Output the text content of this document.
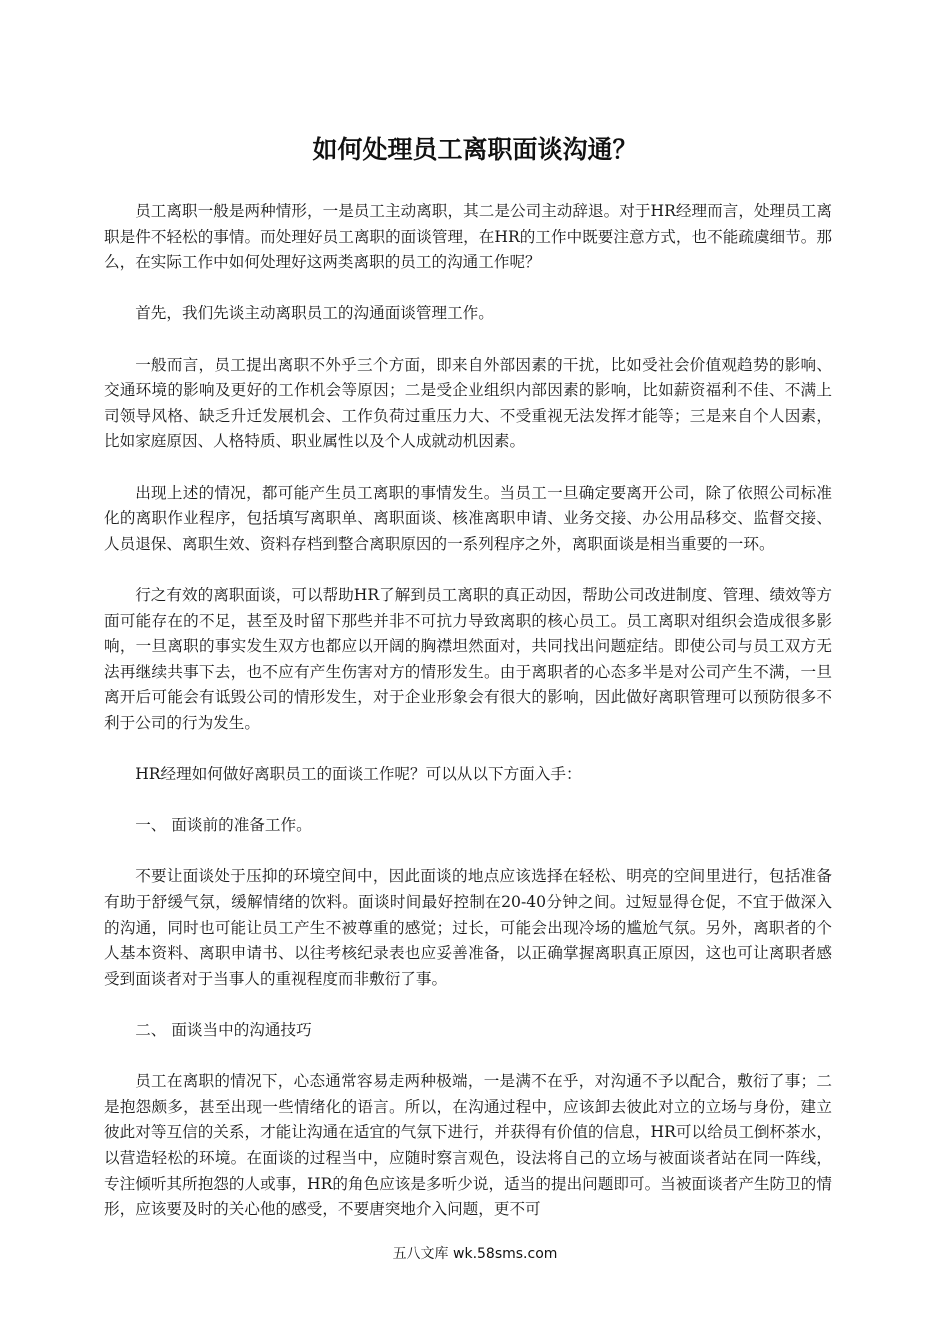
如何处理员工离职面谈沟通？

员工离职一般是两种情形，一是员工主动离职，其二是公司主动辞退。对于HR经理而言，处理员工离职是件不轻松的事情。而处理好员工离职的面谈管理，在HR的工作中既要注意方式，也不能疏虞细节。那么，在实际工作中如何处理好这两类离职的员工的沟通工作呢？

首先，我们先谈主动离职员工的沟通面谈管理工作。

一般而言，员工提出离职不外乎三个方面，即来自外部因素的干扰，比如受社会价值观趋势的影响、交通环境的影响及更好的工作机会等原因；二是受企业组织内部因素的影响，比如薪资福利不佳、不满上司领导风格、缺乏升迁发展机会、工作负荷过重压力大、不受重视无法发挥才能等；三是来自个人因素，比如家庭原因、人格特质、职业属性以及个人成就动机因素。

出现上述的情况，都可能产生员工离职的事情发生。当员工一旦确定要离开公司，除了依照公司标准化的离职作业程序，包括填写离职单、离职面谈、核准离职申请、业务交接、办公用品移交、监督交接、人员退保、离职生效、资料存档到整合离职原因的一系列程序之外，离职面谈是相当重要的一环。

行之有效的离职面谈，可以帮助HR了解到员工离职的真正动因，帮助公司改进制度、管理、绩效等方面可能存在的不足，甚至及时留下那些并非不可抗力导致离职的核心员工。员工离职对组织会造成很多影响，一旦离职的事实发生双方也都应以开阔的胸襟坦然面对，共同找出问题症结。即使公司与员工双方无法再继续共事下去，也不应有产生伤害对方的情形发生。由于离职者的心态多半是对公司产生不满，一旦离开后可能会有诋毁公司的情形发生，对于企业形象会有很大的影响，因此做好离职管理可以预防很多不利于公司的行为发生。

HR经理如何做好离职员工的面谈工作呢？可以从以下方面入手：

一、 面谈前的准备工作。

不要让面谈处于压抑的环境空间中，因此面谈的地点应该选择在轻松、明亮的空间里进行，包括准备有助于舒缓气氛，缓解情绪的饮料。面谈时间最好控制在20-40分钟之间。过短显得仓促，不宜于做深入的沟通，同时也可能让员工产生不被尊重的感觉；过长，可能会出现冷场的尴尬气氛。另外，离职者的个人基本资料、离职申请书、以往考核纪录表也应妥善准备，以正确掌握离职真正原因，这也可让离职者感受到面谈者对于当事人的重视程度而非敷衍了事。

二、 面谈当中的沟通技巧

员工在离职的情况下，心态通常容易走两种极端，一是满不在乎，对沟通不予以配合，敷衍了事；二是抱怨颇多，甚至出现一些情绪化的语言。所以，在沟通过程中，应该卸去彼此对立的立场与身份，建立彼此对等互信的关系，才能让沟通在适宜的气氛下进行，并获得有价值的信息，HR可以给员工倒杯茶水，以营造轻松的环境。在面谈的过程当中，应随时察言观色，设法将自己的立场与被面谈者站在同一阵线，专注倾听其所抱怨的人或事，HR的角色应该是多听少说，适当的提出问题即可。当被面谈者产生防卫的情形，应该要及时的关心他的感受，不要唐突地介入问题，更不可

五八文库 wk.58sms.com
